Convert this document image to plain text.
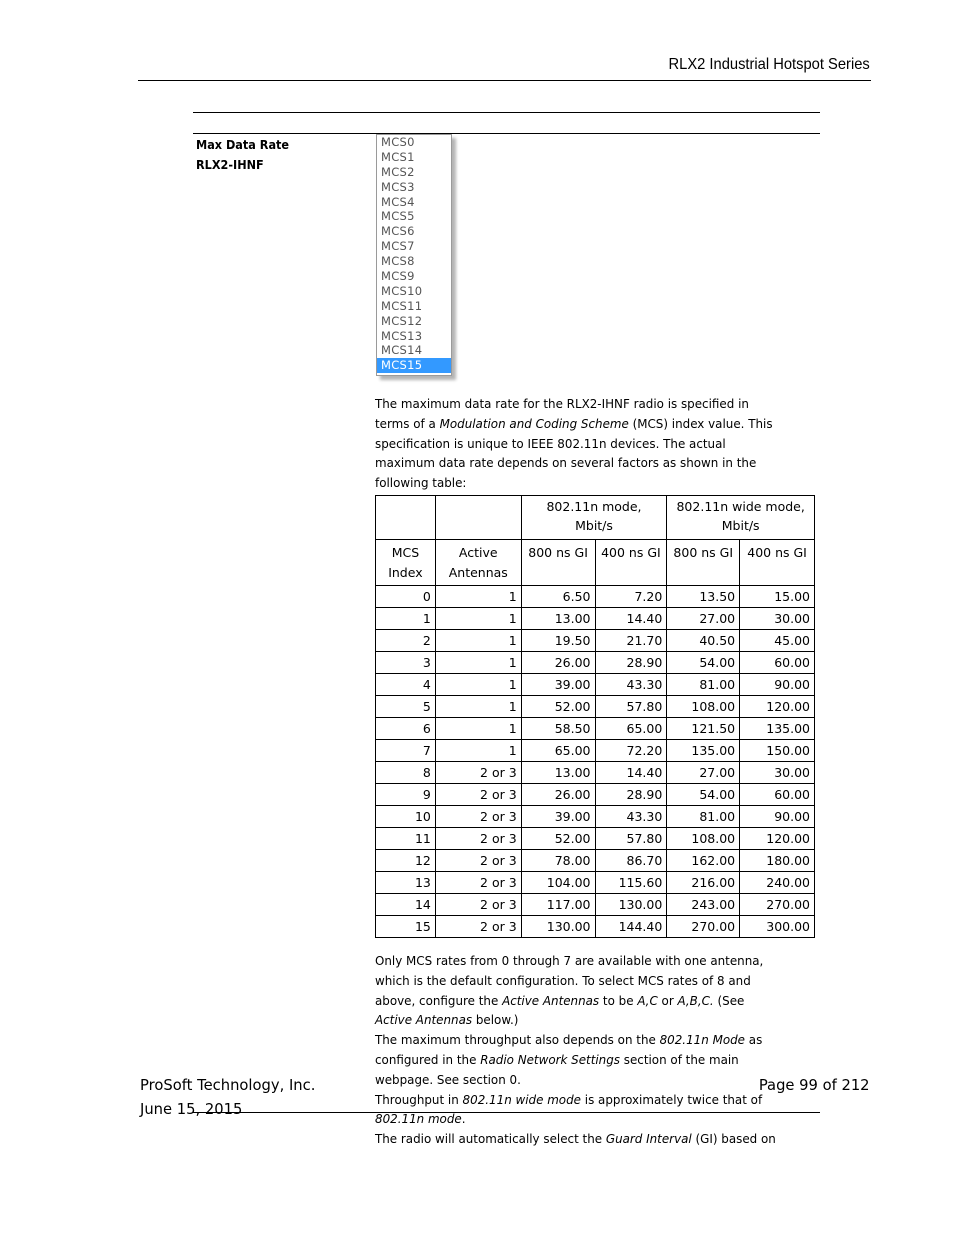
RLX2 Industrial Hotspot Series
Max Data Rate
RLX2-IHNF
MCS0
MCS1
MCS2
MCS3
MCS4
MCS5
MCS6
MCS7
MCS8
MCS9
MCS10
MCS11
MCS12
MCS13
MCS14
MCS15
The maximum data rate for the RLX2-IHNF radio is specified in terms of a Modulation and Coding Scheme (MCS) index value. This specification is unique to IEEE 802.11n devices. The actual maximum data rate depends on several factors as shown in the following table:
		802.11n mode, Mbit/s		802.11n wide mode, Mbit/s	
MCS Index	Active Antennas	800 ns GI	400 ns GI	800 ns GI	400 ns GI
0	1	6.50	7.20	13.50	15.00
1	1	13.00	14.40	27.00	30.00
2	1	19.50	21.70	40.50	45.00
3	1	26.00	28.90	54.00	60.00
4	1	39.00	43.30	81.00	90.00
5	1	52.00	57.80	108.00	120.00
6	1	58.50	65.00	121.50	135.00
7	1	65.00	72.20	135.00	150.00
8	2 or 3	13.00	14.40	27.00	30.00
9	2 or 3	26.00	28.90	54.00	60.00
10	2 or 3	39.00	43.30	81.00	90.00
11	2 or 3	52.00	57.80	108.00	120.00
12	2 or 3	78.00	86.70	162.00	180.00
13	2 or 3	104.00	115.60	216.00	240.00
14	2 or 3	117.00	130.00	243.00	270.00
15	2 or 3	130.00	144.40	270.00	300.00
Only MCS rates from 0 through 7 are available with one antenna, which is the default configuration. To select MCS rates of 8 and above, configure the Active Antennas to be A,C or A,B,C. (See Active Antennas below.)
The maximum throughput also depends on the 802.11n Mode as configured in the Radio Network Settings section of the main webpage. See section 0.
Throughput in 802.11n wide mode is approximately twice that of 802.11n mode.
The radio will automatically select the Guard Interval (GI) based on
ProSoft Technology, Inc.
June 15, 2015
Page 99 of 212
